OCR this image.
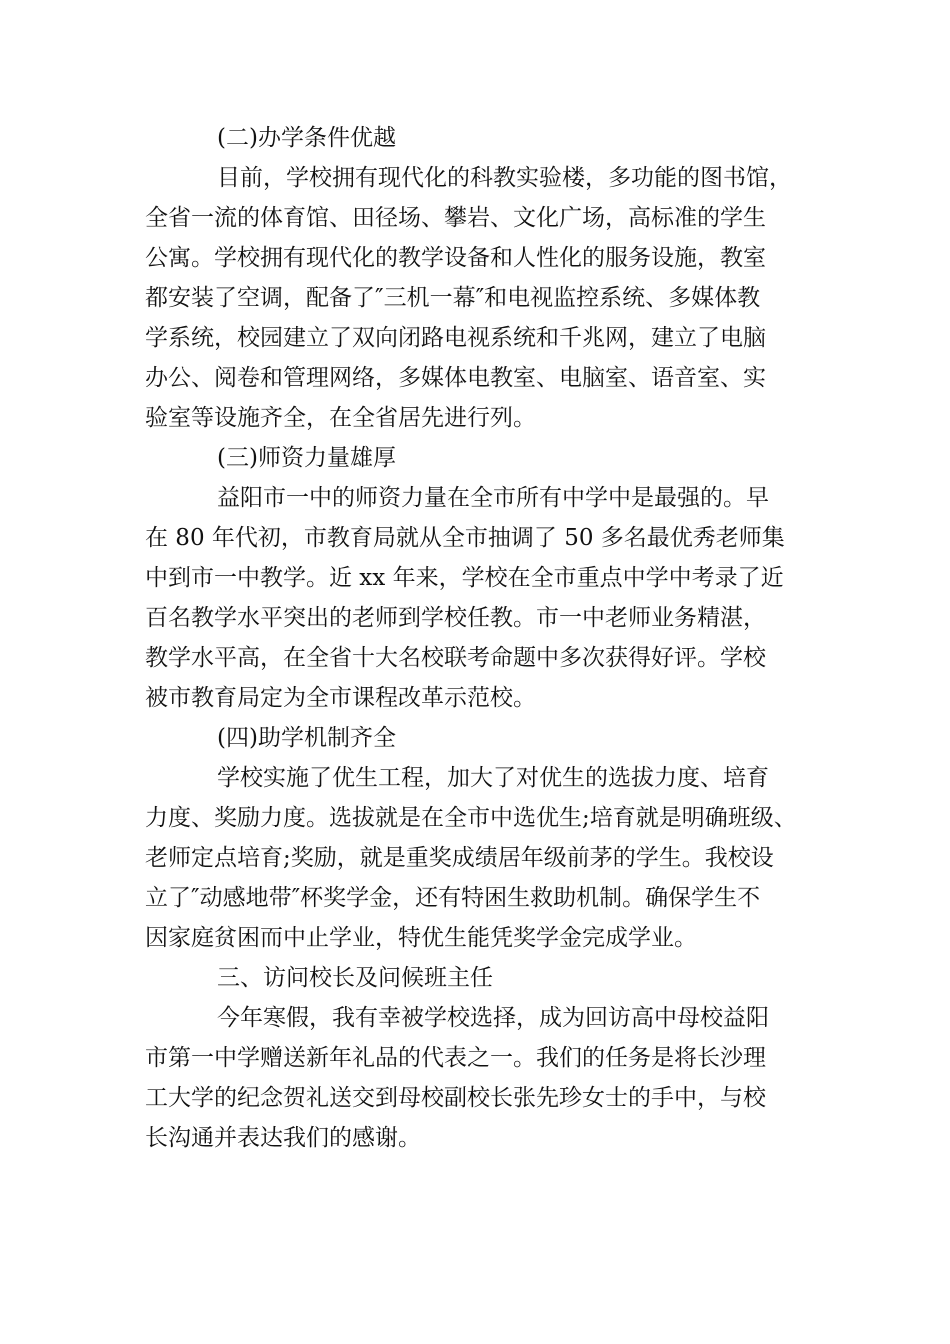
(二)办学条件优越
目前，学校拥有现代化的科教实验楼，多功能的图书馆，
全省一流的体育馆、田径场、攀岩、文化广场，高标准的学生
公寓。学校拥有现代化的教学设备和人性化的服务设施，教室
都安装了空调，配备了″三机一幕″和电视监控系统、多媒体教
学系统，校园建立了双向闭路电视系统和千兆网，建立了电脑
办公、阅卷和管理网络，多媒体电教室、电脑室、语音室、实
验室等设施齐全，在全省居先进行列。
(三)师资力量雄厚
益阳市一中的师资力量在全市所有中学中是最强的。早
在 80 年代初，市教育局就从全市抽调了 50 多名最优秀老师集
中到市一中教学。近 xx 年来，学校在全市重点中学中考录了近
百名教学水平突出的老师到学校任教。市一中老师业务精湛，
教学水平高，在全省十大名校联考命题中多次获得好评。学校
被市教育局定为全市课程改革示范校。
(四)助学机制齐全
学校实施了优生工程，加大了对优生的选拔力度、培育
力度、奖励力度。选拔就是在全市中选优生;培育就是明确班级、
老师定点培育;奖励，就是重奖成绩居年级前茅的学生。我校设
立了″动感地带″杯奖学金，还有特困生救助机制。确保学生不
因家庭贫困而中止学业，特优生能凭奖学金完成学业。
三、访问校长及问候班主任
今年寒假，我有幸被学校选择，成为回访高中母校益阳
市第一中学赠送新年礼品的代表之一。我们的任务是将长沙理
工大学的纪念贺礼送交到母校副校长张先珍女士的手中，与校
长沟通并表达我们的感谢。
